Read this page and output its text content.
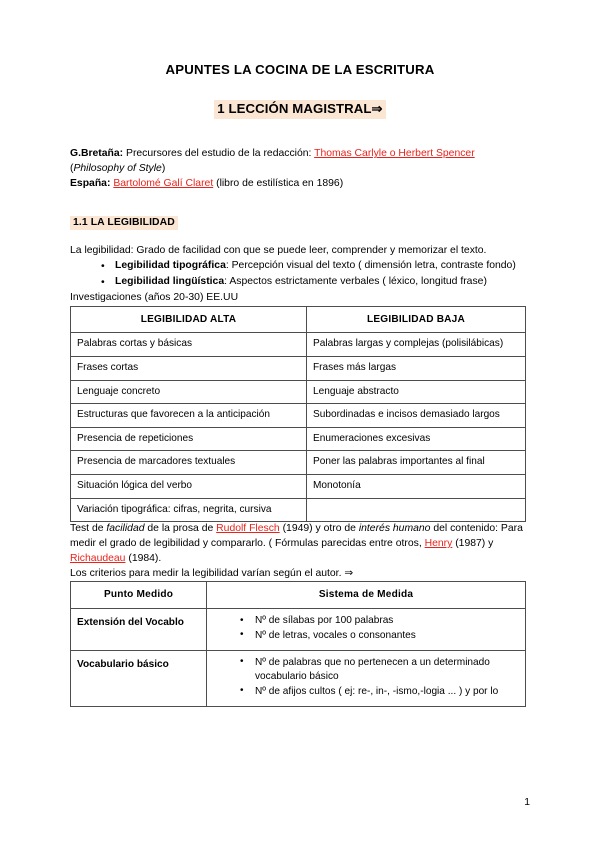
APUNTES LA COCINA DE LA ESCRITURA
1 LECCIÓN MAGISTRAL⇒

G.Bretaña: Precursores del estudio de la redacción: Thomas Carlyle o Herbert Spencer

(Philosophy of Style)

España: Bartolomé Galí Claret (libro de estilística en 1896)

1.1 LA LEGIBILIDAD

La legibilidad: Grado de facilidad con que se puede leer, comprender y memorizar el texto.

• Legibilidad tipográfica: Percepción visual del texto ( dimensión letra, contraste fondo)
• Legibilidad lingüística: Aspectos estrictamente verbales ( léxico, longitud frase)

Investigaciones (años 20-30) EE.UU

LEGIBILIDAD ALTA	LEGIBILIDAD BAJA
Palabras cortas y básicas	Palabras largas y complejas (polisilábicas)
Frases cortas	Frases más largas
Lenguaje concreto	Lenguaje abstracto
Estructuras que favorecen a la anticipación	Subordinadas e incisos demasiado largos
Presencia de repeticiones	Enumeraciones excesivas
Presencia de marcadores textuales	Poner las palabras importantes al final
Situación lógica del verbo	Monotonía
Variación tipográfica: cifras, negrita, cursiva	

Test de facilidad de la prosa de Rudolf Flesch (1949) y otro de interés humano del contenido: Para medir el grado de legibilidad y compararlo. ( Fórmulas parecidas entre otros, Henry (1987) y Richaudeau (1984).

Los criterios para medir la legibilidad varían según el autor. ⇒

Punto Medido	Sistema de Medida
Extensión del Vocablo	
•Nº de sílabas por 100 palabras
• Nº de letras, vocales o consonantes

Vocabulario básico	
•Nº de palabras que no pertenecen a un determinado vocabulario básico
• Nº de afijos cultos ( ej: re-, in-, -ismo,-logia ... ) y por lo
1
